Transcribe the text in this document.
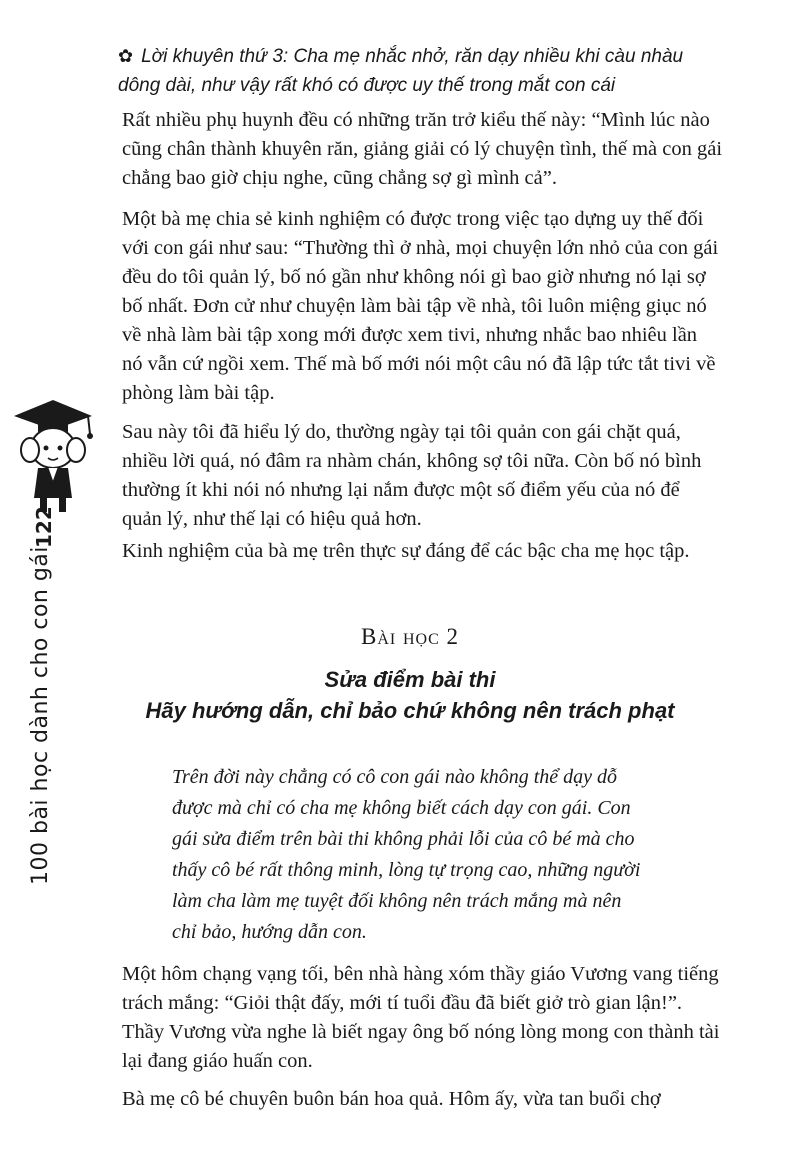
✿ Lời khuyên thứ 3: Cha mẹ nhắc nhở, răn dạy nhiều khi càu nhàu dông dài, như vậy rất khó có được uy thế trong mắt con cái
Rất nhiều phụ huynh đều có những trăn trở kiểu thế này: “Mình lúc nào cũng chân thành khuyên răn, giảng giải có lý chuyện tình, thế mà con gái chẳng bao giờ chịu nghe, cũng chẳng sợ gì mình cả”.
Một bà mẹ chia sẻ kinh nghiệm có được trong việc tạo dựng uy thế đối với con gái như sau: “Thường thì ở nhà, mọi chuyện lớn nhỏ của con gái đều do tôi quản lý, bố nó gần như không nói gì bao giờ nhưng nó lại sợ bố nhất. Đơn cử như chuyện làm bài tập về nhà, tôi luôn miệng giục nó về nhà làm bài tập xong mới được xem tivi, nhưng nhắc bao nhiêu lần nó vẫn cứ ngồi xem. Thế mà bố mới nói một câu nó đã lập tức tắt tivi về phòng làm bài tập.
Sau này tôi đã hiểu lý do, thường ngày tại tôi quản con gái chặt quá, nhiều lời quá, nó đâm ra nhàm chán, không sợ tôi nữa. Còn bố nó bình thường ít khi nói nó nhưng lại nắm được một số điểm yếu của nó để quản lý, như thế lại có hiệu quả hơn.
Kinh nghiệm của bà mẹ trên thực sự đáng để các bậc cha mẹ học tập.
Bài học 2
Sửa điểm bài thi
Hãy hướng dẫn, chỉ bảo chứ không nên trách phạt
Trên đời này chẳng có cô con gái nào không thể dạy dỗ được mà chỉ có cha mẹ không biết cách dạy con gái. Con gái sửa điểm trên bài thi không phải lỗi của cô bé mà cho thấy cô bé rất thông minh, lòng tự trọng cao, những người làm cha làm mẹ tuyệt đối không nên trách mắng mà nên chỉ bảo, hướng dẫn con.
Một hôm chạng vạng tối, bên nhà hàng xóm thầy giáo Vương vang tiếng trách mắng: “Giỏi thật đấy, mới tí tuổi đầu đã biết giở trò gian lận!”.
Thầy Vương vừa nghe là biết ngay ông bố nóng lòng mong con thành tài lại đang giáo huấn con.
Bà mẹ cô bé chuyên buôn bán hoa quả. Hôm ấy, vừa tan buổi chợ
122
100 bài học dành cho con gái
